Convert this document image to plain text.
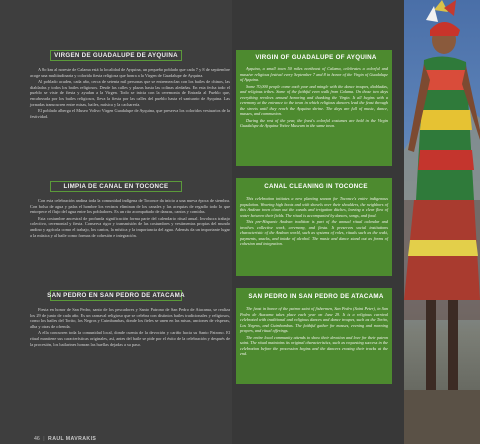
VIRGEN DE GUADALUPE DE AYQUINA

A 8o km al noreste de Calama está la localidad de Ayquina, un pequeño poblado que cada 7 y 8 de septiembre acoge una multitudinaria y colorida fiesta religiosa que honra a la Virgen de Guadalupe de Ayquina.

Al poblado acuden, cada año, cerca de setenta mil personas que se entremezclan con los bailes de chinos, las diabladas y todos los bailes religiosos. Desde las calles y plazas hasta las colinas aledañas. En esta fecha todo el pueblo se viste de fiesta y ayudan a la Virgen. Todo se inicia con la ceremonia de Entrada al Pueblo que, encabezada por los bailes religiosos, lleva la fiesta por las calles del pueblo hasta el santuario de Ayquina. Las jornadas transcurren entre misas, bailes, música y la cacharería.

El poblado alberga el Museo Volivo Virgen Guadalupe de Ayquina, que preserva los coloridos vestuarios de la festividad.

LIMPIA DE CANAL EN TOCONCE

Con esta celebración andina toda la comunidad indígena de Toconce da inicio a una nueva época de siembra. Con bolsa de agua y palas el hombre los vecinos eliminan de los canales y las acequias de regadío todo lo que entorpece el flujo del agua entre los pobladores. Es un rito acompañado de danzas, cantos y comidas.

Esta costumbre ancestral de profunda significación forma parte del calendario ritual anual. Involucra trabajo colectivo, ceremonial y fiesta. Conserva rigor y transmisión de las costumbres y vestimentas propias del mundo andino y agrícola como el trabajo, los cantos, la mística y la importancia del agua. Además da un importante lugar a la música y al baile como formas de cohesión e integración.

SAN PEDRO EN SAN PEDRO DE ATACAMA

Fiesta en honor de San Pedro, santo de los pescadores y Santo Patrono de San Pedro de Atacama, se realiza los 29 de junio de cada año. Es un carnaval religioso que se celebra con distintos bailes tradicionales y religiosos, como los bailes del Torito, los Negros y Cuimbambas, donde los fieles se unen en las misas, unciones de vísperas, alba y otras de ofrenda.

A ella concurren toda la comunidad local, donde cuenta de la devoción y cariño hacia su Santo Patrono. El ritual mantiene sus características originales, así, antes del baile se pide por el éxito de la celebración y después de la procesión, los bailarines honran las huellas dejadas a su paso.

VIRGIN OF GUADALUPE OF AYQUINA

Ayquina, a small town 50 miles northeast of Calama, celebrates a colorful and massive religious festival every September 7 and 8 in honor of the Virgin of Guadalupe of Ayquina.

Some 70,000 people come each year and mingle with the dance troupes, diabladas, and religious tribes. Some of the faithful even walk from Calama. On those two days everything revolves around honoring and thanking the Virgin. It all begins with a ceremony at the entrance to the town in which religious dancers lead the feast through the streets until they reach the Ayquina shrine. The days are full of music, dance, masses, and communion.

During the rest of the year, the feast's colorful costumes are held in the Virgin Guadalupe de Ayquina Votive Museum in the same town.

CANAL CLEANING IN TOCONCE

This celebration initiates a new planting season for Toconce's entire indigenous population. Wearing high boots and with shovels over their shoulders, the neighbors of this Andean town clean out the canals and irrigation ditches, leaving a clear flow of water between their fields. The ritual is accompanied by dances, songs, and food.

This pre-Hispanic Andean tradition is part of the annual ritual calendar and involves collective work, ceremony, and fiesta. It preserves social institutions characteristic of the Andean world, such as systems of roles, rituals such as the waki, payments, snacks, and intake of alcohol. The music and dance stand out as forms of cohesion and integration.

SAN PEDRO IN SAN PEDRO DE ATACAMA

The feast in honor of the patron saint of fishermen, San Pedro (Saint Peter), in San Pedro de Atacama takes place each year on June 29. It is a religious carnival celebrated with traditional and religious dances and dance troupes, such as the Torito, Los Negros, and Cuimbambas. The faithful gather for masses, evening and morning prayers, and ritual offerings.

The entire local community attends to show their devotion and love for their patron saint. The ritual maintains its original characteristics, such as requesting success in the celebration before the procession begins and the dancers erasing their tracks at the end.

46 | RAUL MAVRAKIS
